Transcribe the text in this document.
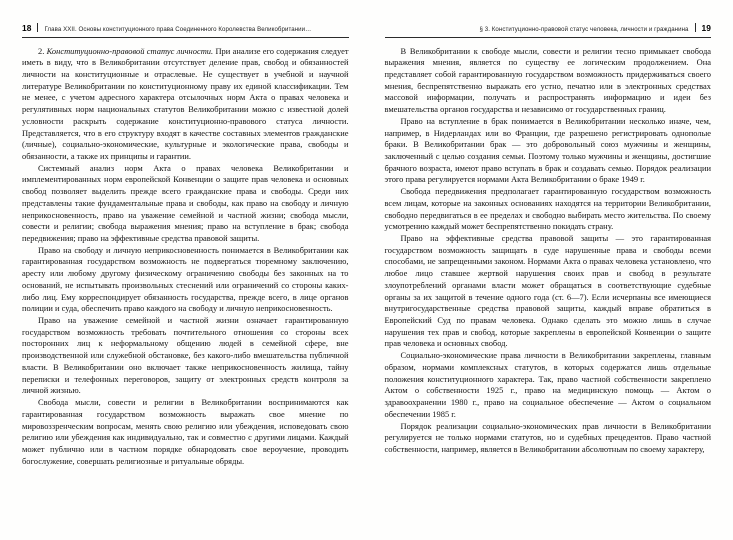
18 Глава XXII. Основы конституционного права Соединенного Королевства Великобритании…

2. Конституционно-правовой статус личности. При анализе его содержания следует иметь в виду, что в Великобритании отсутствует деление прав, свобод и обязанностей личности на конституционные и отраслевые. Не существует в учебной и научной литературе Великобритании по конституционному праву их единой классификации. Тем не менее, с учетом адресного характера отсылочных норм Акта о правах человека и регулятивных норм национальных статутов Великобритании можно с известной долей условности раскрыть содержание конституционно-правового статуса личности. Представляется, что в его структуру входят в качестве составных элементов гражданские (личные), социально-экономические, культурные и экологические права, свободы и обязанности, а также их принципы и гарантии.

Системный анализ норм Акта о правах человека Великобритании и имплементированных норм европейской Конвенции о защите прав человека и основных свобод позволяет выделить прежде всего гражданские права и свободы. Среди них представлены такие фундаментальные права и свободы, как право на свободу и личную неприкосновенность, право на уважение семейной и частной жизни; свобода мысли, совести и религии; свобода выражения мнения; право на вступление в брак; свобода передвижения; право на эффективные средства правовой защиты.

Право на свободу и личную неприкосновенность понимается в Великобритании как гарантированная государством возможность не подвергаться тюремному заключению, аресту или любому другому физическому ограничению свободы без законных на то оснований, не испытывать произвольных стеснений или ограничений со стороны каких-либо лиц. Ему корреспондирует обязанность государства, прежде всего, в лице органов полиции и суда, обеспечить право каждого на свободу и личную неприкосновенность.

Право на уважение семейной и частной жизни означает гарантированную государством возможность требовать почтительного отношения со стороны всех посторонних лиц к неформальному общению людей в семейной сфере, вне производственной или служебной обстановке, без какого-либо вмешательства публичной власти. В Великобритании оно включает также неприкосновенность жилища, тайну переписки и телефонных переговоров, защиту от электронных средств контроля за личной жизнью.

Свобода мысли, совести и религии в Великобритании воспринимаются как гарантированная государством возможность выражать свое мнение по мировоззренческим вопросам, менять свою религию или убеждения, исповедовать свою религию или убеждения как индивидуально, так и совместно с другими лицами. Каждый может публично или в частном порядке обнародовать свое вероучение, проводить богослужение, совершать религиозные и ритуальные обряды.

§ 3. Конституционно-правовой статус человека, личности и гражданина 19

В Великобритании к свободе мысли, совести и религии тесно примыкает свобода выражения мнения, является по существу ее логическим продолжением. Она представляет собой гарантированную государством возможность придерживаться своего мнения, беспрепятственно выражать его устно, печатно или в электронных средствах массовой информации, получать и распространять информацию и идеи без вмешательства органов государства и независимо от государственных границ.

Право на вступление в брак понимается в Великобритании несколько иначе, чем, например, в Нидерландах или во Франции, где разрешено регистрировать однополые браки. В Великобритании брак — это добровольный союз мужчины и женщины, заключенный с целью создания семьи. Поэтому только мужчины и женщины, достигшие брачного возраста, имеют право вступать в брак и создавать семью. Порядок реализации этого права регулируется нормами Акта Великобритании о браке 1949 г.

Свобода передвижения предполагает гарантированную государством возможность всем лицам, которые на законных основаниях находятся на территории Великобритании, свободно передвигаться в ее пределах и свободно выбирать место жительства. По своему усмотрению каждый может беспрепятственно покидать страну.

Право на эффективные средства правовой защиты — это гарантированная государством возможность защищать в суде нарушенные права и свободы всеми способами, не запрещенными законом. Нормами Акта о правах человека установлено, что любое лицо ставшее жертвой нарушения своих прав и свобод в результате злоупотреблений органами власти может обращаться в соответствующие судебные органы за их защитой в течение одного года (ст. 6—7). Если исчерпаны все имеющиеся внутригосударственные средства правовой защиты, каждый вправе обратиться в Европейский Суд по правам человека. Однако сделать это можно лишь в случае нарушения тех прав и свобод, которые закреплены в европейской Конвенции о защите прав человека и основных свобод.

Социально-экономические права личности в Великобритании закреплены, главным образом, нормами комплексных статутов, в которых содержатся лишь отдельные положения конституционного характера. Так, право частной собственности закреплено Актом о собственности 1925 г., право на медицинскую помощь — Актом о здравоохранении 1980 г., право на социальное обеспечение — Актом о социальном обеспечении 1985 г.

Порядок реализации социально-экономических прав личности в Великобритании регулируется не только нормами статутов, но и судебных прецедентов. Право частной собственности, например, является в Великобритании абсолютным по своему характеру,
